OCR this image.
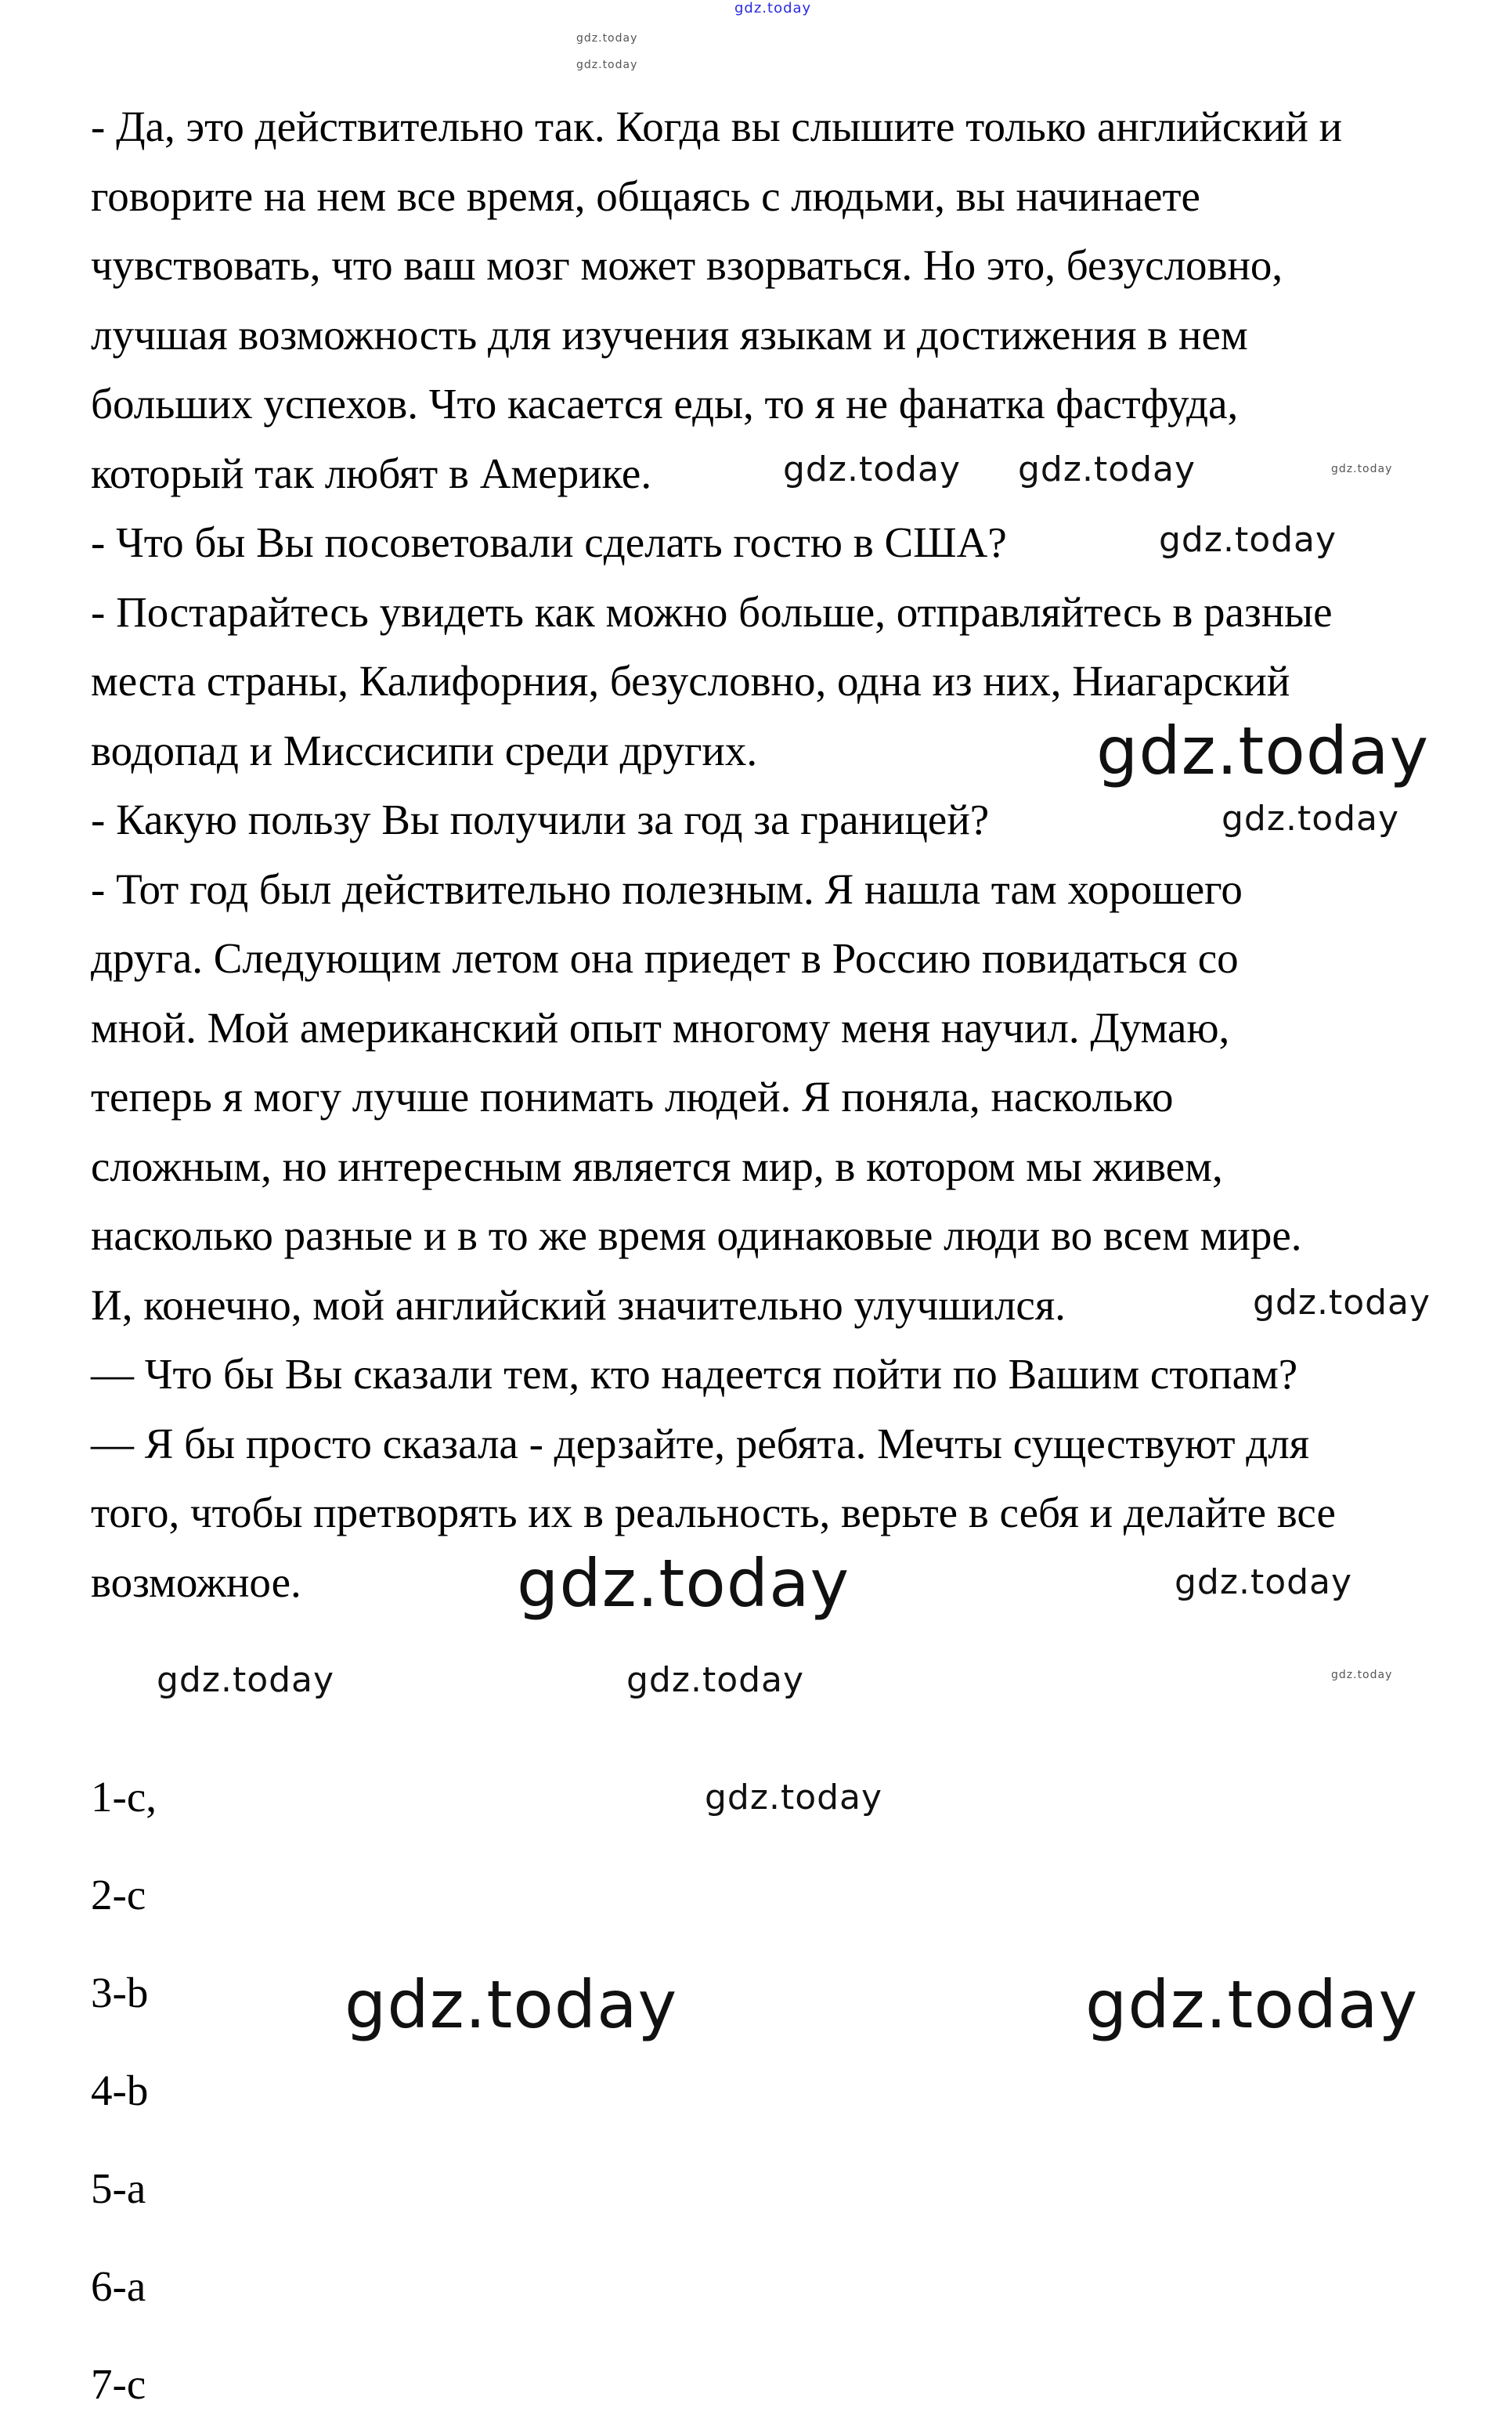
- Да, это действительно так. Когда вы слышите только английский и
говорите на нем все время, общаясь с людьми, вы начинаете
чувствовать, что ваш мозг может взорваться. Но это, безусловно,
лучшая возможность для изучения языкам и достижения в нем
больших успехов. Что касается еды, то я не фанатка фастфуда,
который так любят в Америке.
- Что бы Вы посоветовали сделать гостю в США?
- Постарайтесь увидеть как можно больше, отправляйтесь в разные
места страны, Калифорния, безусловно, одна из них, Ниагарский
водопад и Миссисипи среди других.
- Какую пользу Вы получили за год за границей?
- Тот год был действительно полезным. Я нашла там хорошего
друга. Следующим летом она приедет в Россию повидаться со
мной. Мой американский опыт многому меня научил. Думаю,
теперь я могу лучше понимать людей. Я поняла, насколько
сложным, но интересным является мир, в котором мы живем,
насколько разные и в то же время одинаковые люди во всем мире.
И, конечно, мой английский значительно улучшился.
— Что бы Вы сказали тем, кто надеется пойти по Вашим стопам?
— Я бы просто сказала - дерзайте, ребята. Мечты существуют для
того, чтобы претворять их в реальность, верьте в себя и делайте все
возможное.
1-c,
2-c
3-b
4-b
5-a
6-a
7-c
gdz.today
gdz.today
gdz.today
gdz.today gdz.today	gdz.today
gdz.today
gdz.today
gdz.today
gdz.today
gdz.today	gdz.today
gdz.today	gdz.today	gdz.today
gdz.today
gdz.today	gdz.today
